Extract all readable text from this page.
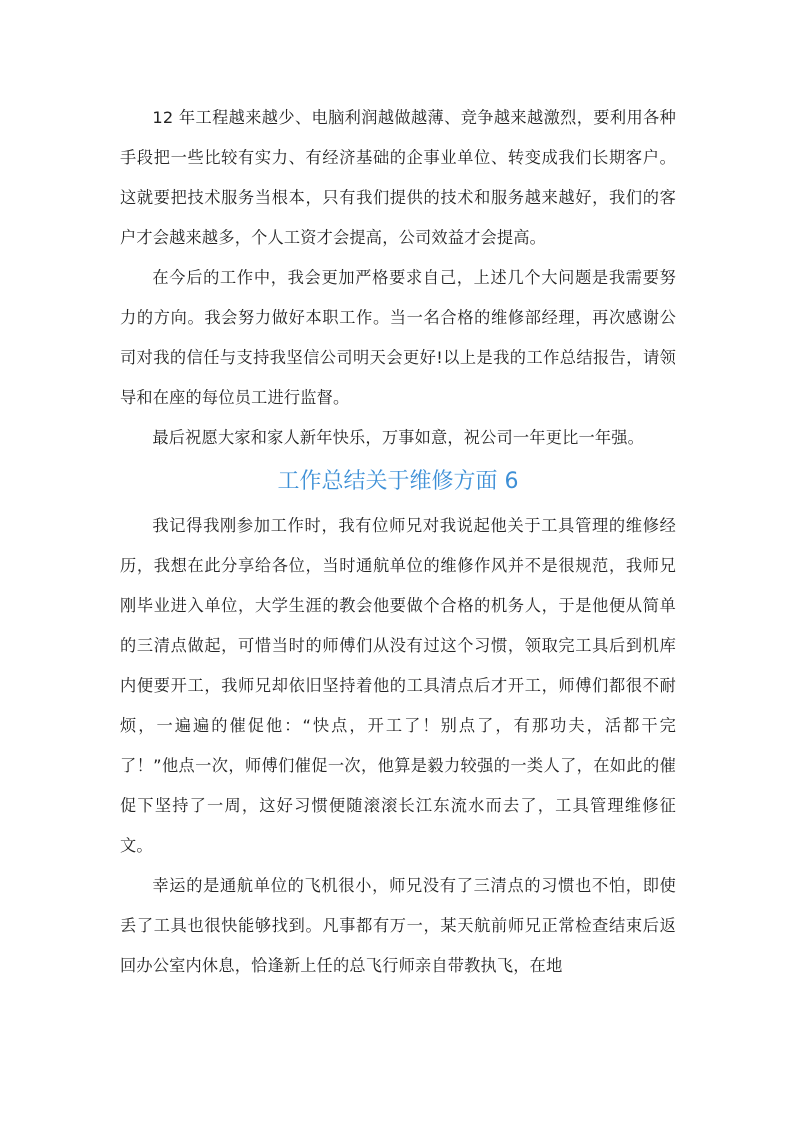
12 年工程越来越少、电脑利润越做越薄、竞争越来越激烈，要利用各种手段把一些比较有实力、有经济基础的企事业单位、转变成我们长期客户。这就要把技术服务当根本，只有我们提供的技术和服务越来越好，我们的客户才会越来越多，个人工资才会提高，公司效益才会提高。

在今后的工作中，我会更加严格要求自己，上述几个大问题是我需要努力的方向。我会努力做好本职工作。当一名合格的维修部经理，再次感谢公司对我的信任与支持我坚信公司明天会更好!以上是我的工作总结报告，请领导和在座的每位员工进行监督。

最后祝愿大家和家人新年快乐，万事如意，祝公司一年更比一年强。

工作总结关于维修方面 6

我记得我刚参加工作时，我有位师兄对我说起他关于工具管理的维修经历，我想在此分享给各位，当时通航单位的维修作风并不是很规范，我师兄刚毕业进入单位，大学生涯的教会他要做个合格的机务人，于是他便从简单的三清点做起，可惜当时的师傅们从没有过这个习惯，领取完工具后到机库内便要开工，我师兄却依旧坚持着他的工具清点后才开工，师傅们都很不耐烦，一遍遍的催促他：“快点，开工了！别点了，有那功夫，活都干完了！”他点一次，师傅们催促一次，他算是毅力较强的一类人了，在如此的催促下坚持了一周，这好习惯便随滚滚长江东流水而去了，工具管理维修征文。

幸运的是通航单位的飞机很小，师兄没有了三清点的习惯也不怕，即使丢了工具也很快能够找到。凡事都有万一，某天航前师兄正常检查结束后返回办公室内休息，恰逢新上任的总飞行师亲自带教执飞，在地
